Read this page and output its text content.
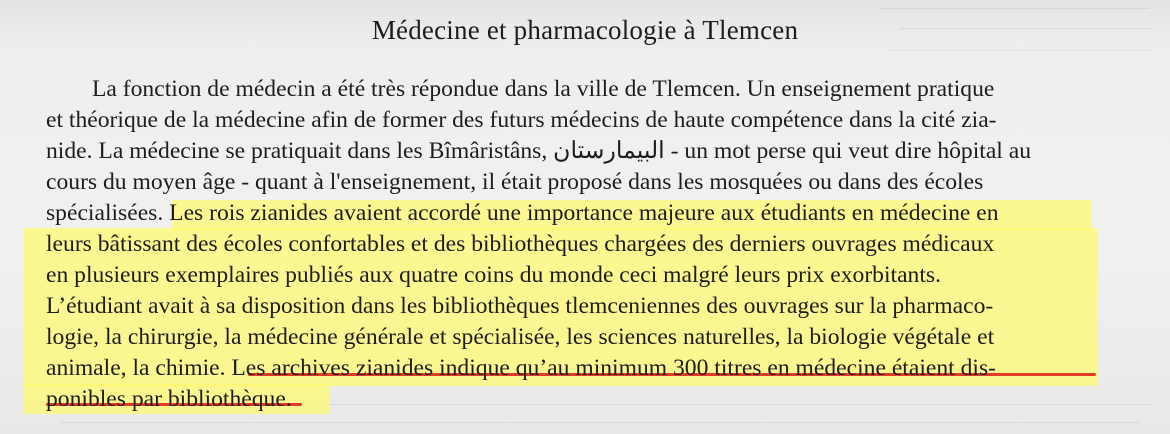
Médecine et pharmacologie à Tlemcen
La fonction de médecin a été très répondue dans la ville de Tlemcen. Un enseignement pratique
et théorique de la médecine afin de former des futurs médecins de haute compétence dans la cité zia-
nide. La médecine se pratiquait dans les Bîmâristâns, البيمارستان - un mot perse qui veut dire hôpital au
cours du moyen âge - quant à l'enseignement, il était proposé dans les mosquées ou dans des écoles
spécialisées. Les rois zianides avaient accordé une importance majeure aux étudiants en médecine en
leurs bâtissant des écoles confortables et des bibliothèques chargées des derniers ouvrages médicaux
en plusieurs exemplaires publiés aux quatre coins du monde ceci malgré leurs prix exorbitants.
L’étudiant avait à sa disposition dans les bibliothèques tlemceniennes des ouvrages sur la pharmaco-
logie, la chirurgie, la médecine générale et spécialisée, les sciences naturelles, la biologie végétale et
animale, la chimie. Les archives zianides indique qu’au minimum 300 titres en médecine étaient dis-
ponibles par bibliothèque.
